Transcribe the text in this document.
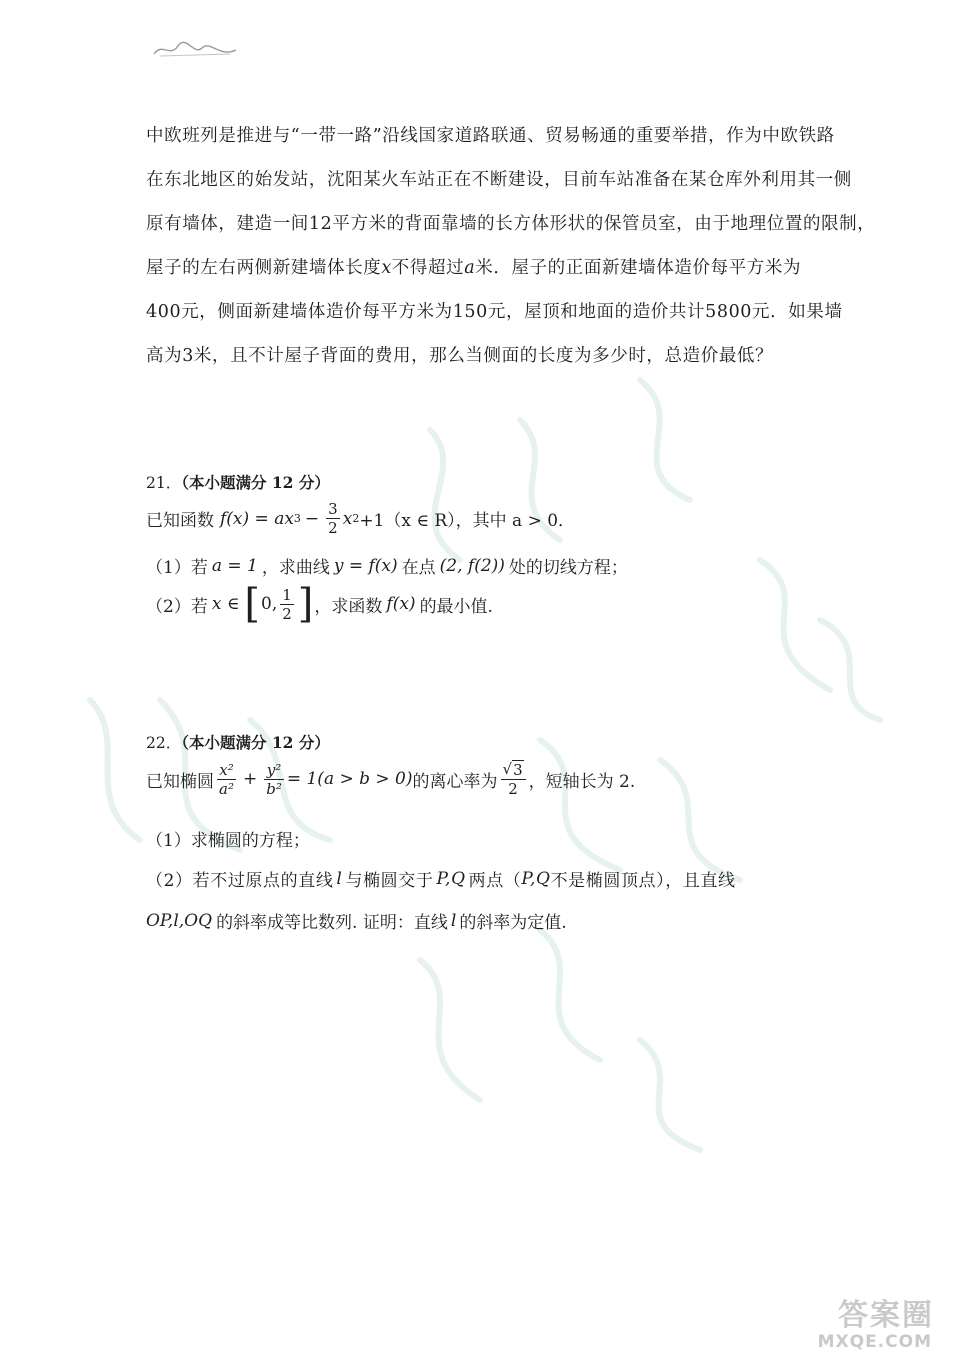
中欧班列是推进与“一带一路”沿线国家道路联通、贸易畅通的重要举措，作为中欧铁路
在东北地区的始发站，沈阳某火车站正在不断建设，目前车站准备在某仓库外利用其一侧
原有墙体，建造一间12平方米的背面靠墙的长方体形状的保管员室，由于地理位置的限制，
屋子的左右两侧新建墙体长度x不得超过a米．屋子的正面新建墙体造价每平方米为
400元，侧面新建墙体造价每平方米为150元，屋顶和地面的造价共计5800元．如果墙
高为3米，且不计屋子背面的费用，那么当侧面的长度为多少时，总造价最低？
21．（本小题满分 12 分）
已知函数 f(x) = ax $3 - \frac{3}{2}$ x 2 +1（x ∈ R），其中 a > 0．
（1）若 a = 1 ，求曲线 y = f(x) 在点 (2, f(2)) 处的切线方程；
（2）若 x ∈ [ 0, $\frac{1}{2}$ ] ，求函数 f(x) 的最小值.
22．（本小题满分 12 分）
已知椭圆 $\frac{\text{x²}}{\text{a²}} + \frac{\text{y²}}{\text{b²}} = 1(a > b > 0)$ 的离心率为 $\frac{√ 3}{2}$ ，短轴长为 2.
（1）求椭圆的方程；
（2）若不过原点的直线 l 与椭圆交于 P,Q 两点（ P,Q 不是椭圆顶点），且直线
OP,l,OQ 的斜率成等比数列. 证明：直线 l 的斜率为定值.
答案圈
MXQE.COM
